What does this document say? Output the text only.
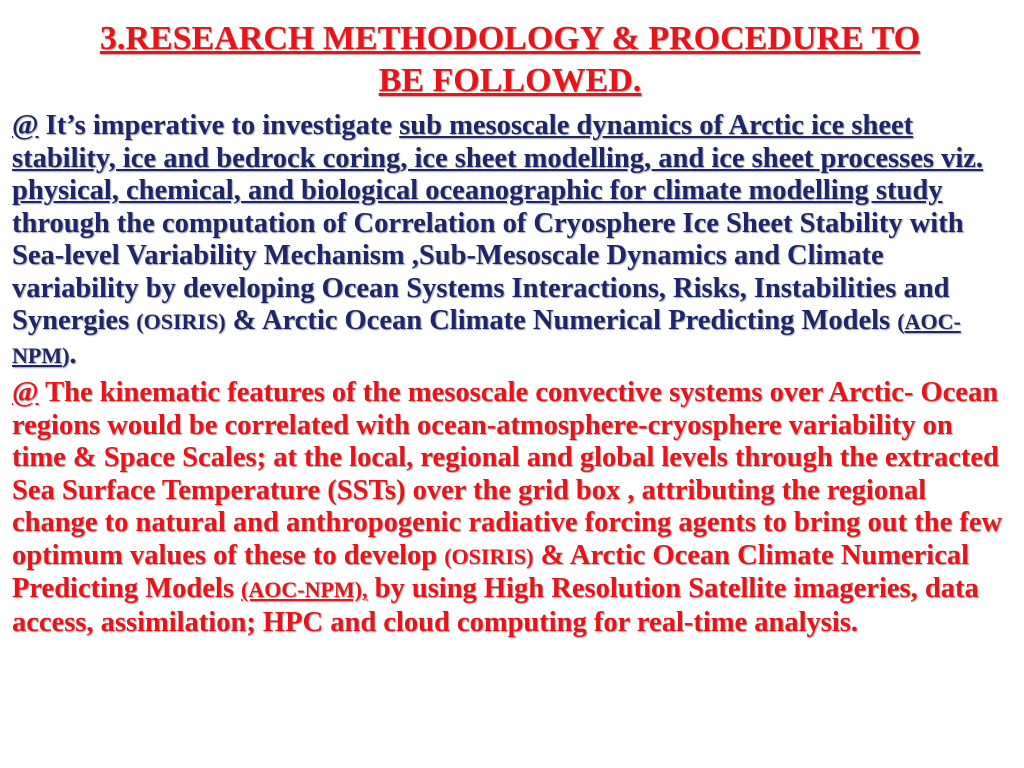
3.RESEARCH METHODOLOGY & PROCEDURE TO
BE FOLLOWED.

@ It’s imperative to investigate sub mesoscale dynamics of Arctic ice sheet stability, ice and bedrock coring, ice sheet modelling, and ice sheet processes viz. physical, chemical, and biological oceanographic for climate modelling study through the computation of Correlation of Cryosphere Ice Sheet Stability with Sea-level Variability Mechanism ,Sub-Mesoscale Dynamics and Climate variability by developing Ocean Systems Interactions, Risks, Instabilities and Synergies (OSIRIS) & Arctic Ocean Climate Numerical Predicting Models (AOC-NPM).

@ The kinematic features of the mesoscale convective systems over Arctic- Ocean regions would be correlated with ocean-atmosphere-cryosphere variability on time & Space Scales; at the local, regional and global levels through the extracted Sea Surface Temperature (SSTs) over the grid box , attributing the regional change to natural and anthropogenic radiative forcing agents to bring out the few optimum values of these to develop (OSIRIS) & Arctic Ocean Climate Numerical Predicting Models (AOC-NPM), by using High Resolution Satellite imageries, data access, assimilation; HPC and cloud computing for real-time analysis.
